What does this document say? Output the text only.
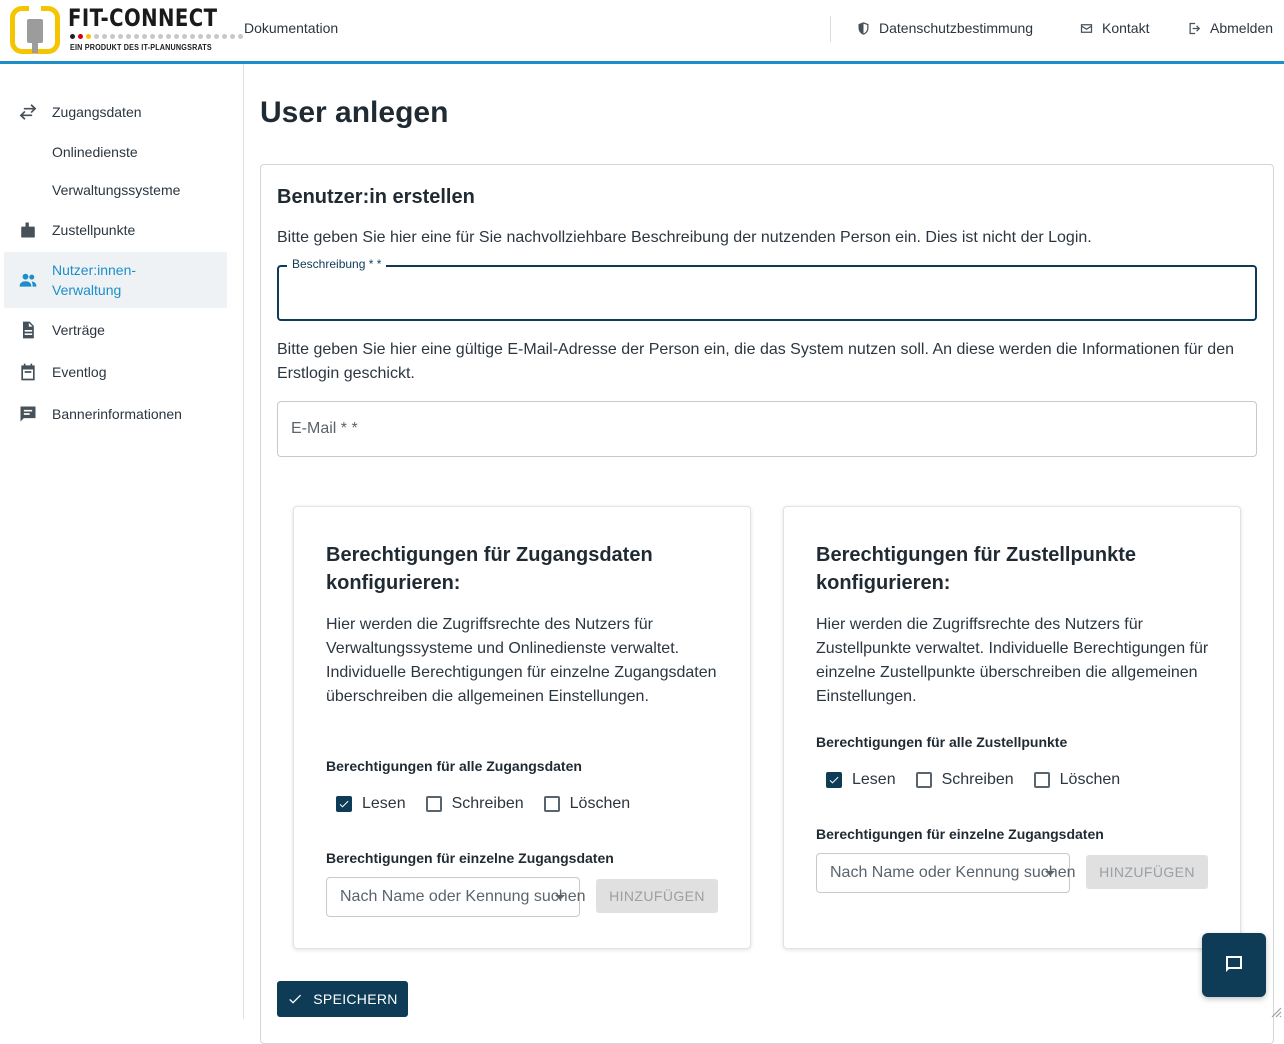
FIT-CONNECT
EIN PRODUKT DES IT-PLANUNGSRATS
Dokumentation	Datenschutzbestimmung	Kontakt	Abmelden
Zugangsdaten
Onlinedienste
Verwaltungssysteme
Zustellpunkte
Nutzer:innen-Verwaltung
Verträge
Eventlog
Bannerinformationen
User anlegen
Benutzer:in erstellen
Bitte geben Sie hier eine für Sie nachvollziehbare Beschreibung der nutzenden Person ein. Dies ist nicht der Login.
Beschreibung * *
Bitte geben Sie hier eine gültige E-Mail-Adresse der Person ein, die das System nutzen soll. An diese werden die Informationen für den Erstlogin geschickt.
E-Mail * *
Berechtigungen für Zugangsdaten konfigurieren:
Hier werden die Zugriffsrechte des Nutzers für Verwaltungssysteme und Onlinedienste verwaltet. Individuelle Berechtigungen für einzelne Zugangsdaten überschreiben die allgemeinen Einstellungen.
Berechtigungen für alle Zugangsdaten
Lesen	Schreiben	Löschen
Berechtigungen für einzelne Zugangsdaten
Nach Name oder Kennung suchen	HINZUFÜGEN
Berechtigungen für Zustellpunkte konfigurieren:
Hier werden die Zugriffsrechte des Nutzers für Zustellpunkte verwaltet. Individuelle Berechtigungen für einzelne Zustellpunkte überschreiben die allgemeinen Einstellungen.
Berechtigungen für alle Zustellpunkte
Lesen	Schreiben	Löschen
Berechtigungen für einzelne Zugangsdaten
Nach Name oder Kennung suchen	HINZUFÜGEN
SPEICHERN
